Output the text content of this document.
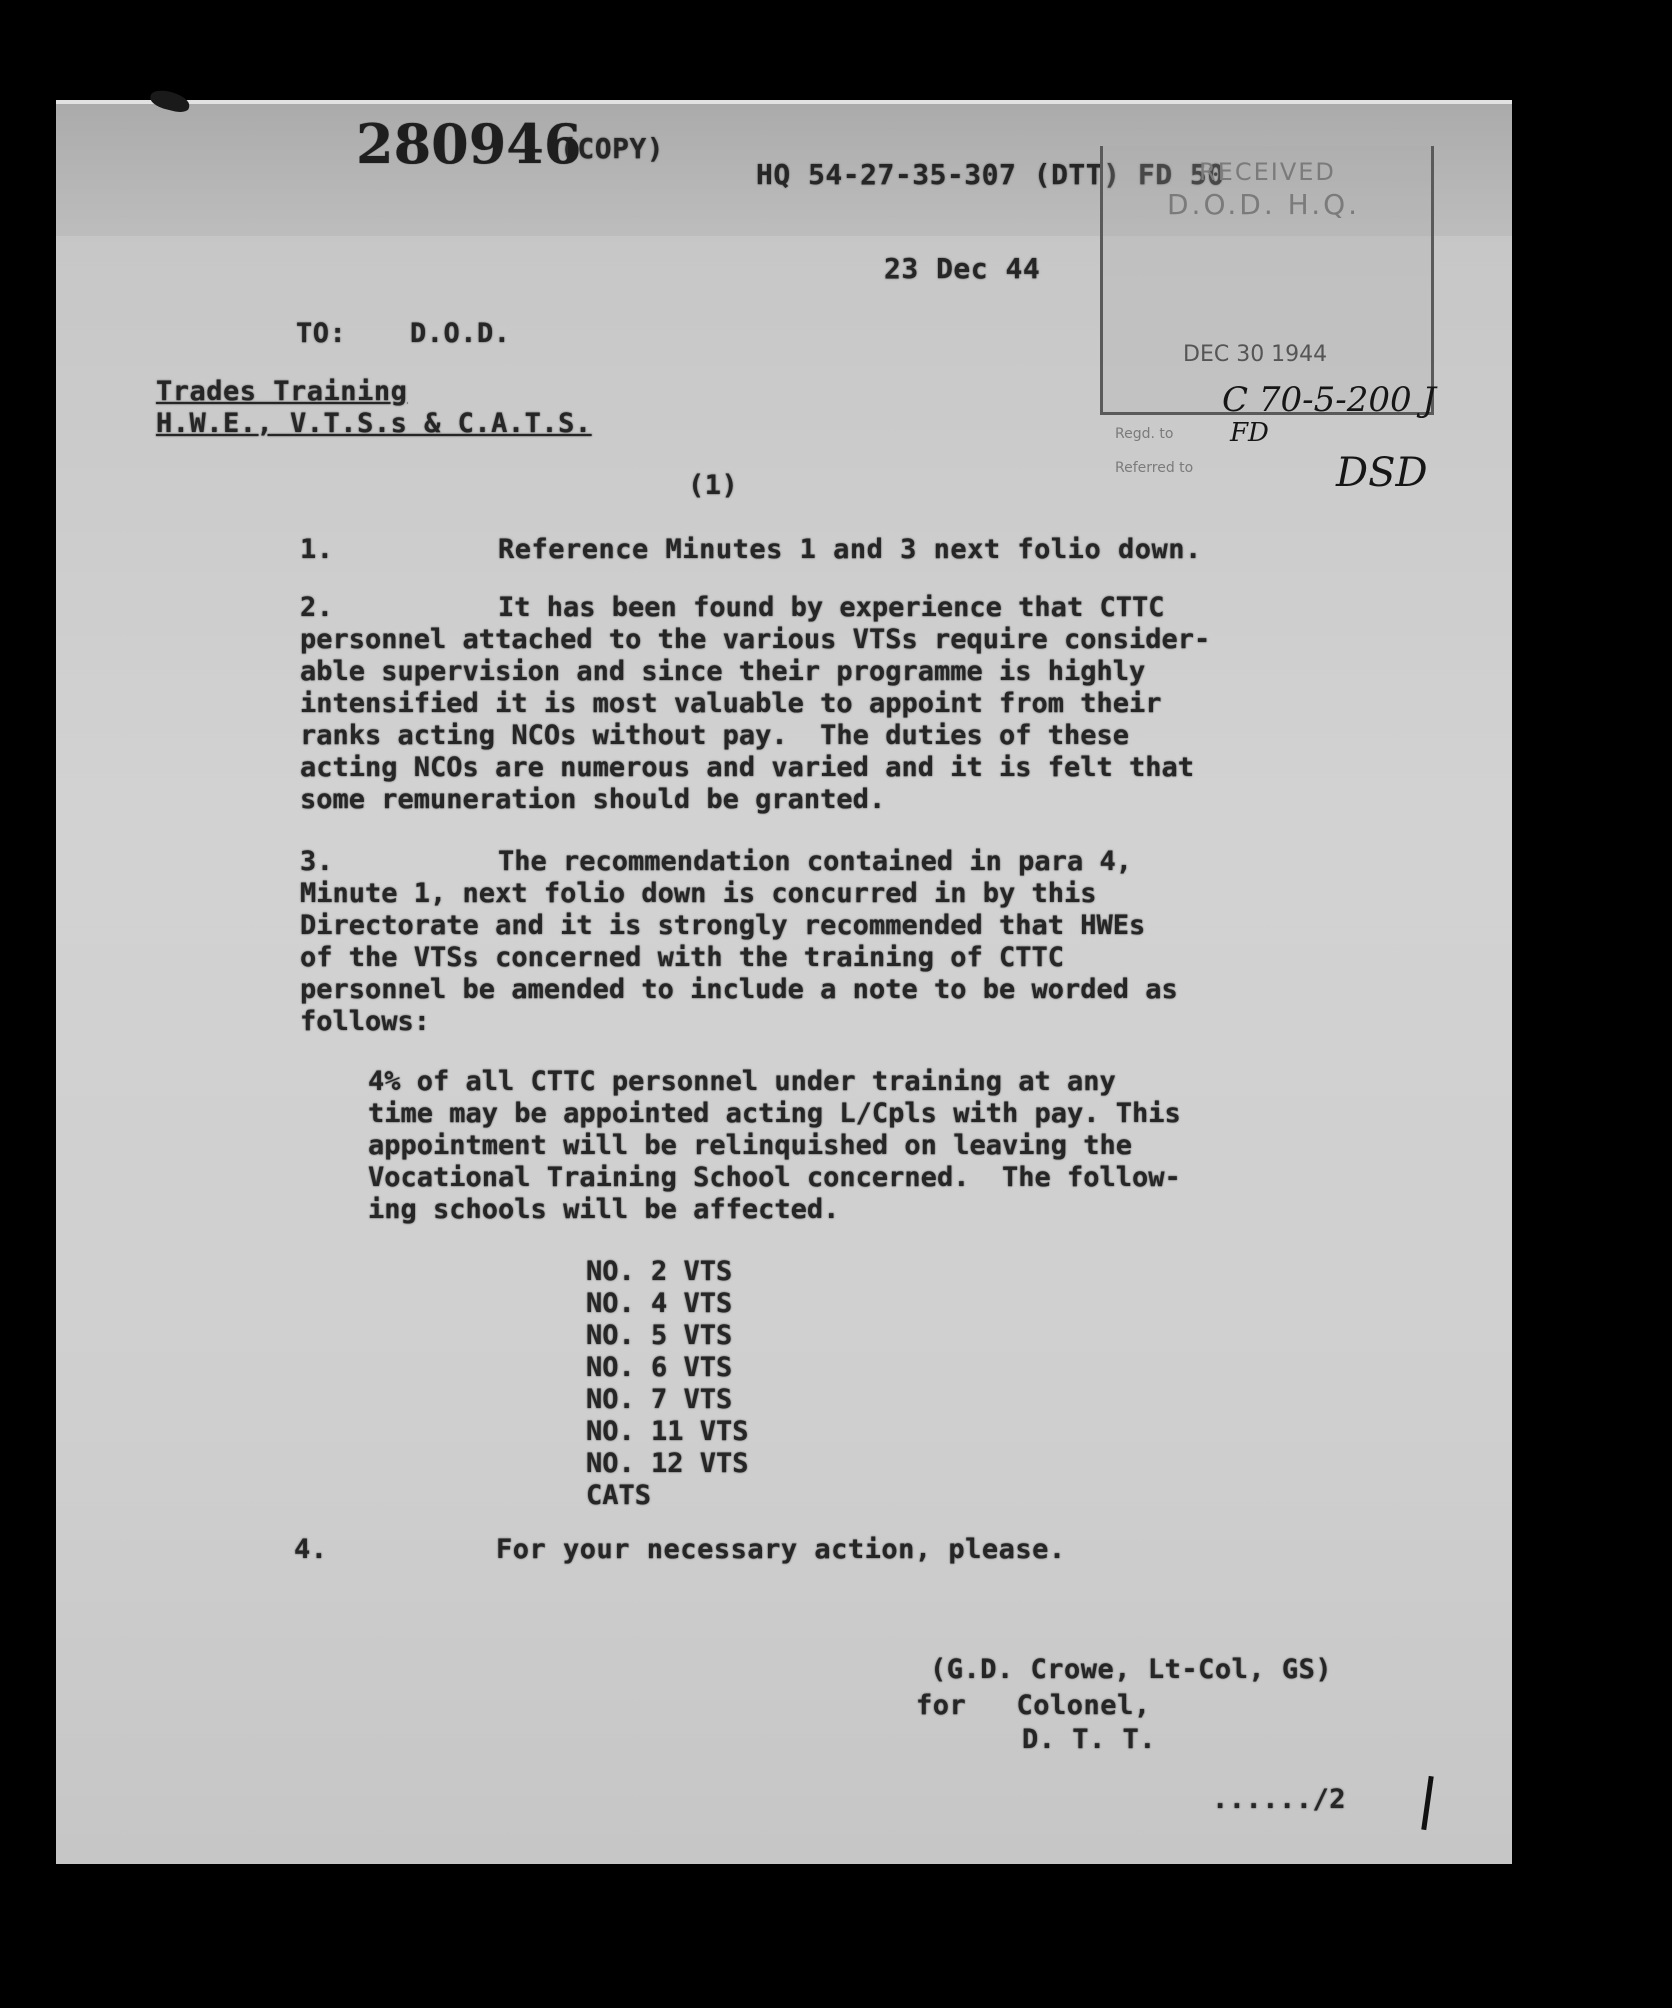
(COPY)
HQ 54-27-35-307 (DTT) FD 50
280946
23 Dec 44
TO: D.O.D.
Trades Training
H.W.E., V.T.S.s & C.A.T.S.
RECEIVED
D.O.D. H.Q.
DEC 30 1944
Regd. to
Referred to
C 70-5-200 J
FD
DSD
(1)
1.	Reference Minutes 1 and 3 next folio down.
2.	It has been found by experience that CTTC
personnel attached to the various VTSs require consider-
able supervision and since their programme is highly
intensified it is most valuable to appoint from their
ranks acting NCOs without pay.  The duties of these
acting NCOs are numerous and varied and it is felt that
some remuneration should be granted.
3.	The recommendation contained in para 4,
Minute 1, next folio down is concurred in by this
Directorate and it is strongly recommended that HWEs
of the VTSs concerned with the training of CTTC
personnel be amended to include a note to be worded as
follows:
4% of all CTTC personnel under training at any
time may be appointed acting L/Cpls with pay. This
appointment will be relinquished on leaving the
Vocational Training School concerned.  The follow-
ing schools will be affected.
NO. 2 VTS
NO. 4 VTS
NO. 5 VTS
NO. 6 VTS
NO. 7 VTS
NO. 11 VTS
NO. 12 VTS
CATS
4.	For your necessary action, please.
(G.D. Crowe, Lt-Col, GS)
for   Colonel,
D. T. T.
....../2
